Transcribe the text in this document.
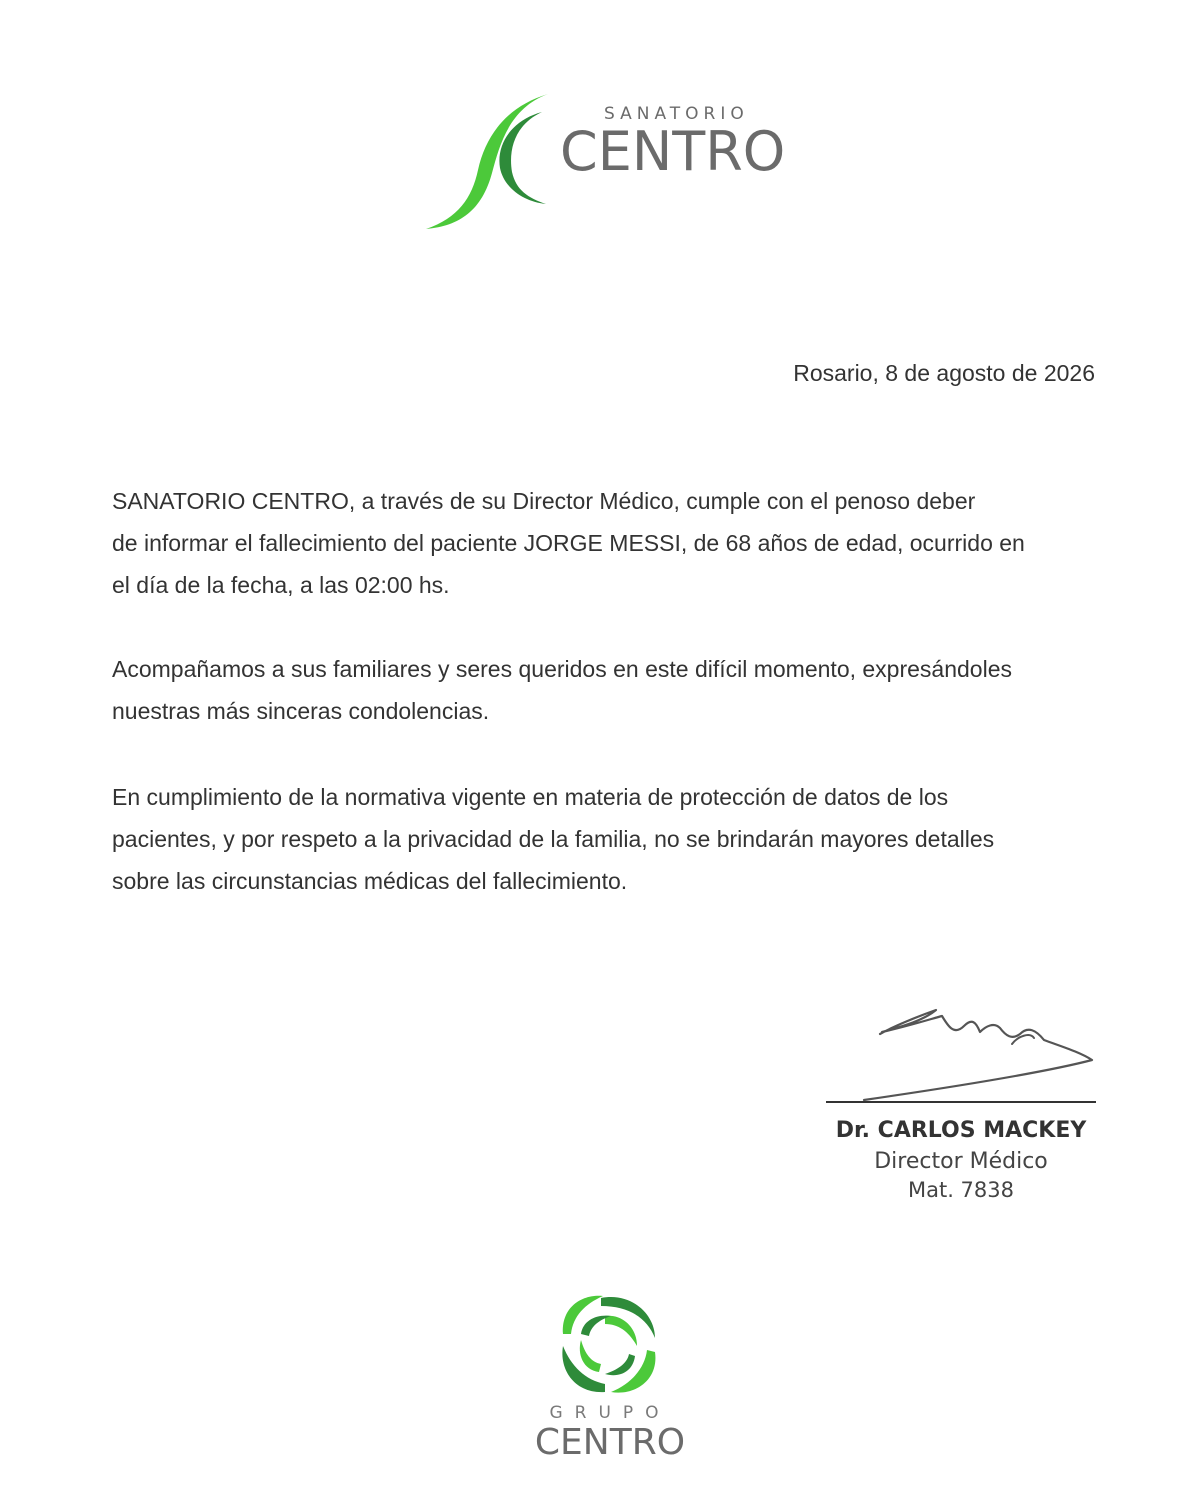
SANATORIO
CENTRO
Rosario, 8 de agosto de 2026

SANATORIO CENTRO, a través de su Director Médico, cumple con el penoso deber
de informar el fallecimiento del paciente JORGE MESSI, de 68 años de edad, ocurrido en
el día de la fecha, a las 02:00 hs.

Acompañamos a sus familiares y seres queridos en este difícil momento, expresándoles
nuestras más sinceras condolencias.

En cumplimiento de la normativa vigente en materia de protección de datos de los
pacientes, y por respeto a la privacidad de la familia, no se brindarán mayores detalles
sobre las circunstancias médicas del fallecimiento.

Dr. CARLOS MACKEY
Director Médico
Mat. 7838
GRUPO
CENTRO
